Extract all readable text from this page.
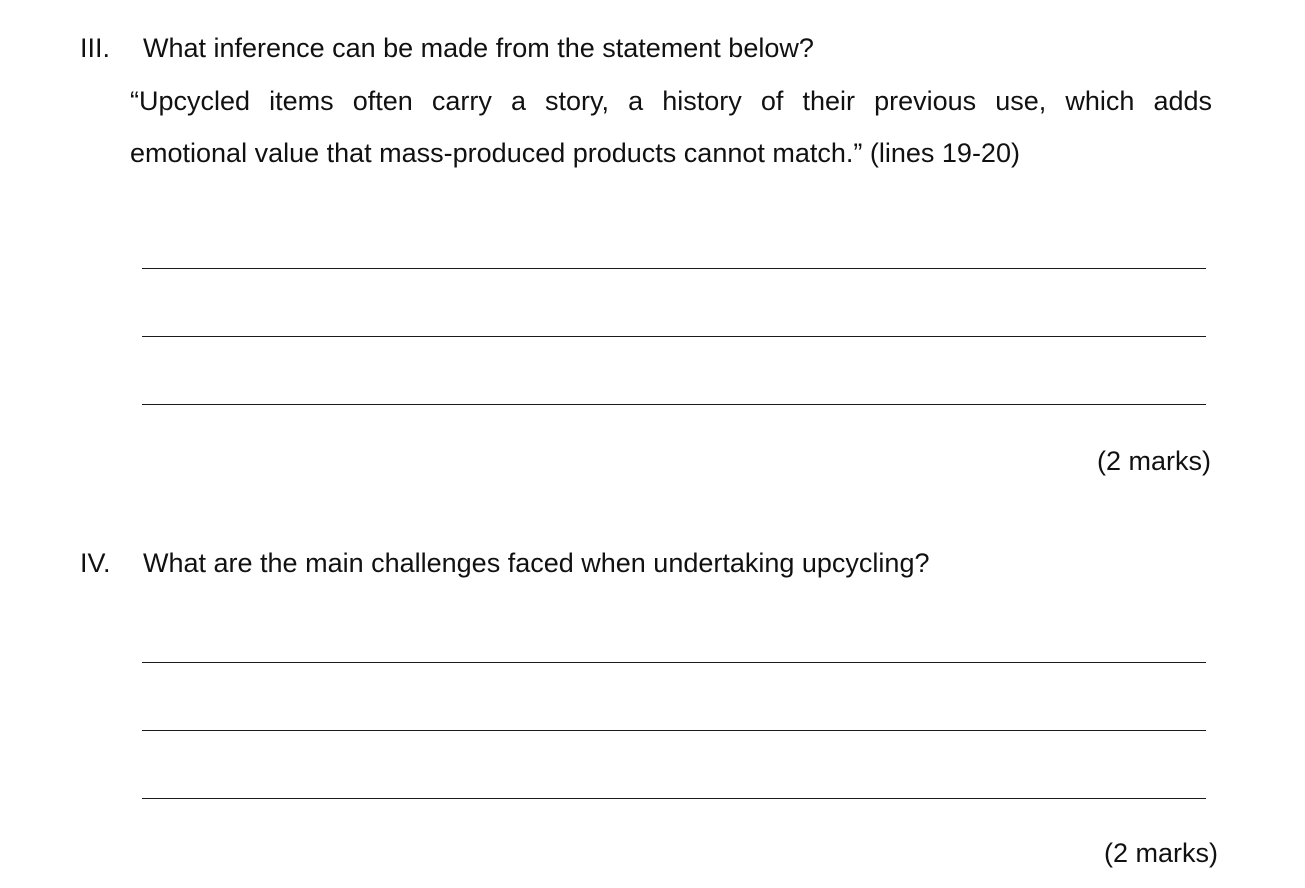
III. What inference can be made from the statement below?
“Upcycled items often carry a story, a history of their previous use, which adds
emotional value that mass-produced products cannot match.” (lines 19-20)
(2 marks)
IV. What are the main challenges faced when undertaking upcycling?
(2 marks)
